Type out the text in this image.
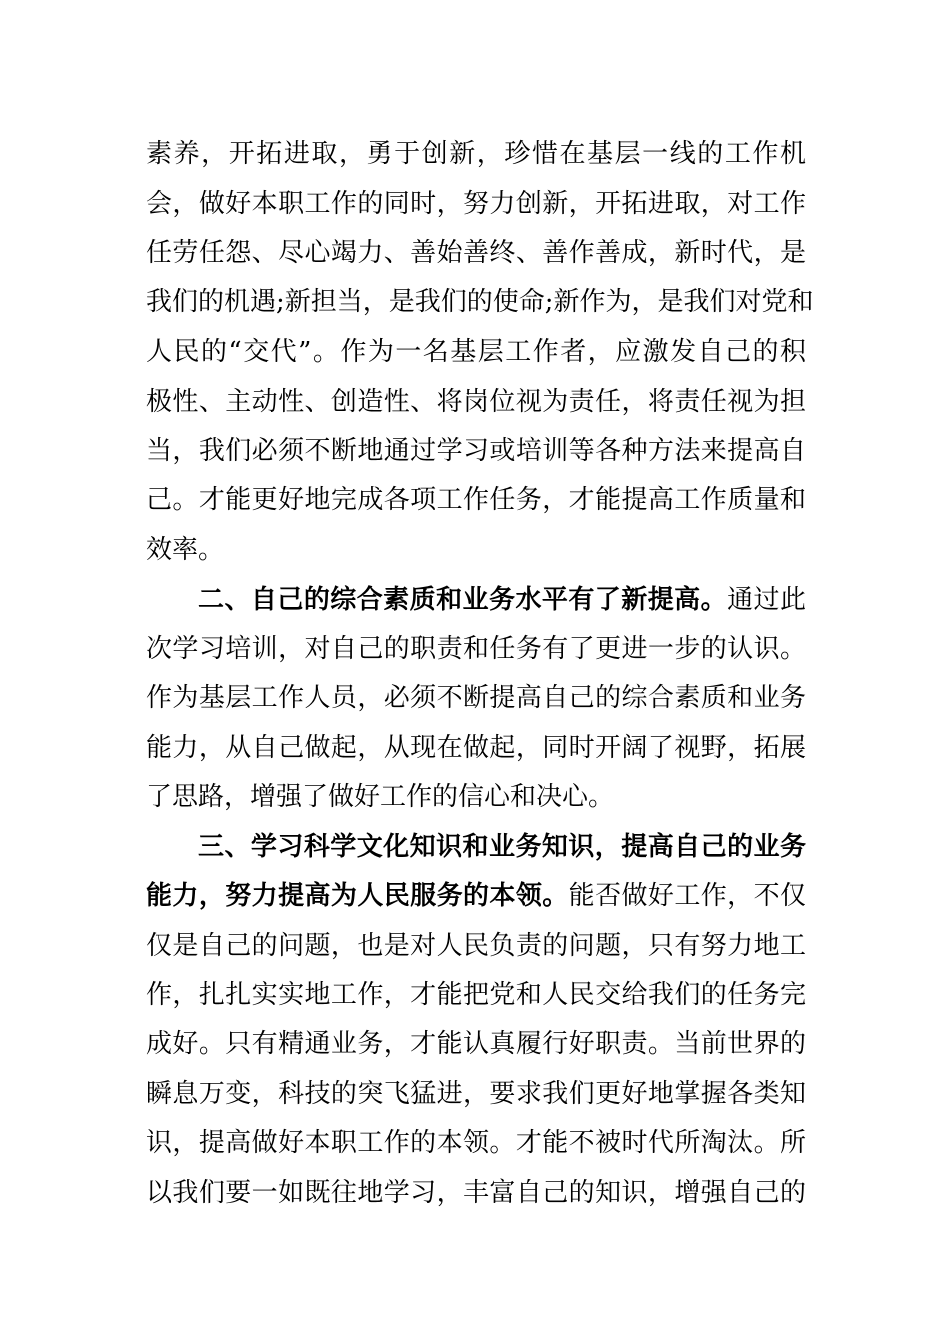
素养，开拓进取，勇于创新，珍惜在基层一线的工作机
会，做好本职工作的同时，努力创新，开拓进取，对工作
任劳任怨、尽心竭力、善始善终、善作善成，新时代，是
我们的机遇;新担当，是我们的使命;新作为，是我们对党和
人民的“交代”。作为一名基层工作者，应激发自己的积
极性、主动性、创造性、将岗位视为责任，将责任视为担
当，我们必须不断地通过学习或培训等各种方法来提高自
己。才能更好地完成各项工作任务，才能提高工作质量和
效率。
二、自己的综合素质和业务水平有了新提高。通过此
次学习培训，对自己的职责和任务有了更进一步的认识。
作为基层工作人员，必须不断提高自己的综合素质和业务
能力，从自己做起，从现在做起，同时开阔了视野，拓展
了思路，增强了做好工作的信心和决心。
三、学习科学文化知识和业务知识，提高自己的业务
能力，努力提高为人民服务的本领。能否做好工作，不仅
仅是自己的问题，也是对人民负责的问题，只有努力地工
作，扎扎实实地工作，才能把党和人民交给我们的任务完
成好。只有精通业务，才能认真履行好职责。当前世界的
瞬息万变，科技的突飞猛进，要求我们更好地掌握各类知
识，提高做好本职工作的本领。才能不被时代所淘汰。所
以我们要一如既往地学习，丰富自己的知识，增强自己的
